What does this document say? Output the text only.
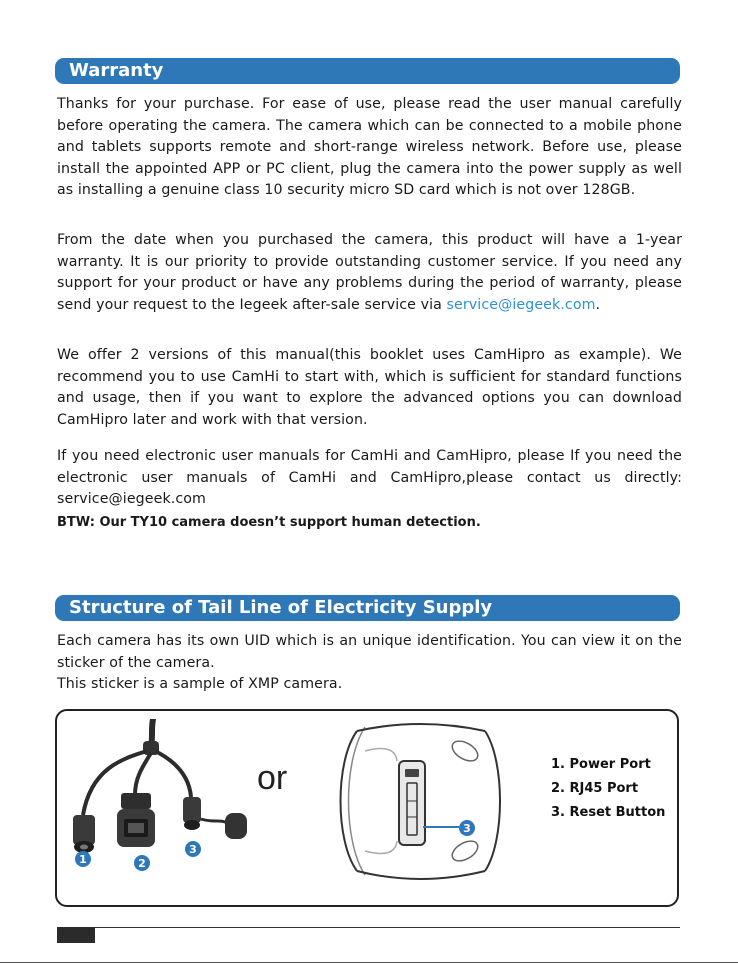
Warranty

Thanks for your purchase. For ease of use, please read the user manual carefully before operating the camera. The camera which can be connected to a mobile phone and tablets supports remote and short-range wireless network. Before use, please install the appointed APP or PC client, plug the camera into the power supply as well as installing a genuine class 10 security micro SD card which is not over 128GB.

From the date when you purchased the camera, this product will have a 1-year warranty. It is our priority to provide outstanding customer service. If you need any support for your product or have any problems during the period of warranty, please send your request to the Iegeek after-sale service via service@iegeek.com.

We offer 2 versions of this manual(this booklet uses CamHipro as example). We recommend you to use CamHi to start with, which is sufficient for standard functions and usage, then if you want to explore the advanced options you can download CamHipro later and work with that version.

If you need electronic user manuals for CamHi and CamHipro, please If you need the electronic user manuals of CamHi and CamHipro,please contact us directly: service@iegeek.com

BTW: Our TY10 camera doesn’t support human detection.
Structure of Tail Line of Electricity Supply

Each camera has its own UID which is an unique identification. You can view it on the sticker of the camera.
This sticker is a sample of XMP camera.

1	2
3
or
3
1. Power Port
2. RJ45 Port
3. Reset Button
